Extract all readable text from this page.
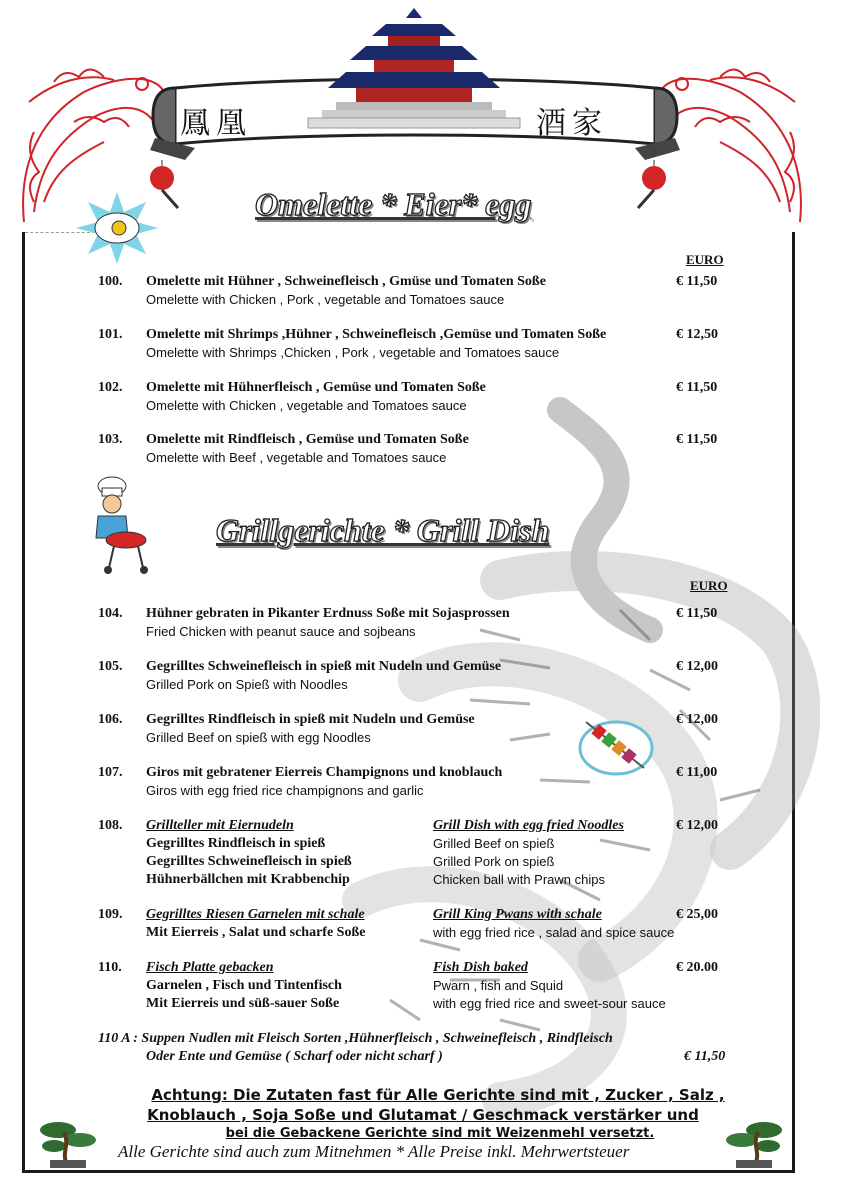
鳳凰	酒家
Omelette * Eier* egg
EURO
100. Omelette mit Hühner , Schweinefleisch , Gmüse und Tomaten Soße
Omelette with Chicken , Pork , vegetable and Tomatoes sauce
€ 11,50
101. Omelette mit Shrimps ,Hühner , Schweinefleisch ,Gemüse und Tomaten Soße
Omelette with Shrimps ,Chicken , Pork , vegetable and Tomatoes sauce
€ 12,50
102. Omelette mit Hühnerfleisch , Gemüse und Tomaten Soße
Omelette with Chicken , vegetable and Tomatoes sauce
€ 11,50
103. Omelette mit Rindfleisch , Gemüse und Tomaten Soße
Omelette with Beef , vegetable and Tomatoes sauce
€ 11,50
Grillgerichte * Grill Dish
EURO
104. Hühner gebraten in Pikanter Erdnuss Soße mit Sojasprossen
Fried Chicken with peanut sauce and sojbeans
€ 11,50
105. Gegrilltes Schweinefleisch in spieß mit Nudeln und Gemüse
Grilled Pork on Spieß with Noodles
€ 12,00
106. Gegrilltes Rindfleisch in spieß mit Nudeln und Gemüse
Grilled Beef on spieß with egg Noodles
€ 12,00
107. Giros mit gebratener Eierreis Champignons und knoblauch
Giros with egg fried rice champignons and garlic
€ 11,00
108. Grillteller mit Eiernudeln
Gegrilltes Rindfleisch in spieß
Gegrilltes Schweinefleisch in spieß
Hühnerbällchen mit Krabbenchip
Grill Dish with egg fried Noodles
Grilled Beef on spieß
Grilled Pork on spieß
Chicken ball with Prawn chips
€ 12,00
109. Gegrilltes Riesen Garnelen mit schale
Mit Eierreis , Salat und scharfe Soße
Grill King Pwans with schale
with egg fried rice , salad and spice sauce
€ 25,00
110. Fisch Platte gebacken
Garnelen , Fisch und Tintenfisch
Mit Eierreis und süß-sauer Soße
Fish Dish baked
Pwarn , fish and Squid
with egg fried rice and sweet-sour sauce
€ 20.00
110 A : Suppen Nudlen mit Fleisch Sorten ,Hühnerfleisch , Schweinefleisch , Rindfleisch
Oder Ente und Gemüse ( Scharf oder nicht scharf )	€ 11,50
Achtung: Die Zutaten fast für Alle Gerichte sind mit , Zucker , Salz ,
Knoblauch , Soja Soße und Glutamat / Geschmack verstärker und
bei die Gebackene Gerichte sind mit Weizenmehl versetzt.
Alle Gerichte sind auch zum Mitnehmen * Alle Preise inkl. Mehrwertsteuer
